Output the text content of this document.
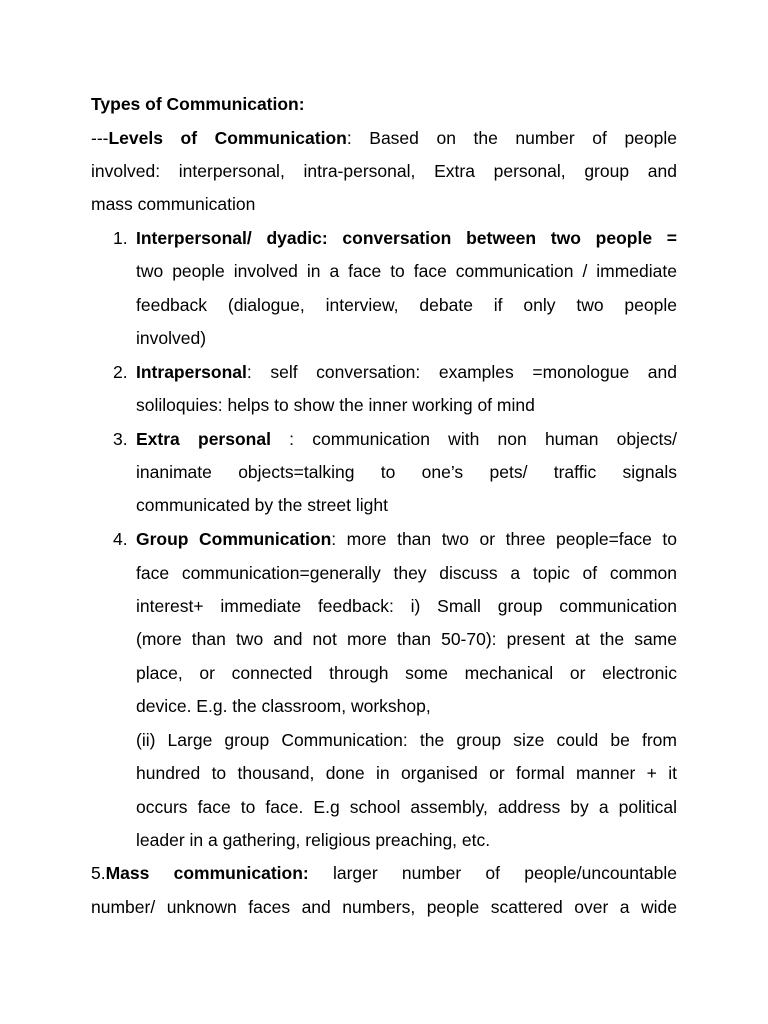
Types of Communication:
---Levels of Communication: Based on the number of people
involved: interpersonal, intra-personal, Extra personal, group and
mass communication
1. Interpersonal/ dyadic: conversation between two people =
two people involved in a face to face communication / immediate
feedback (dialogue, interview, debate if only two people
involved)
2. Intrapersonal: self conversation: examples =monologue and
soliloquies: helps to show the inner working of mind
3. Extra personal : communication with non human objects/
inanimate objects=talking to one’s pets/ traffic signals
communicated by the street light
4. Group Communication: more than two or three people=face to
face communication=generally they discuss a topic of common
interest+ immediate feedback: i) Small group communication
(more than two and not more than 50-70): present at the same
place, or connected through some mechanical or electronic
device. E.g. the classroom, workshop,
(ii) Large group Communication: the group size could be from
hundred to thousand, done in organised or formal manner + it
occurs face to face. E.g school assembly, address by a political
leader in a gathering, religious preaching, etc.
5.Mass communication: larger number of people/uncountable
number/ unknown faces and numbers, people scattered over a wide
